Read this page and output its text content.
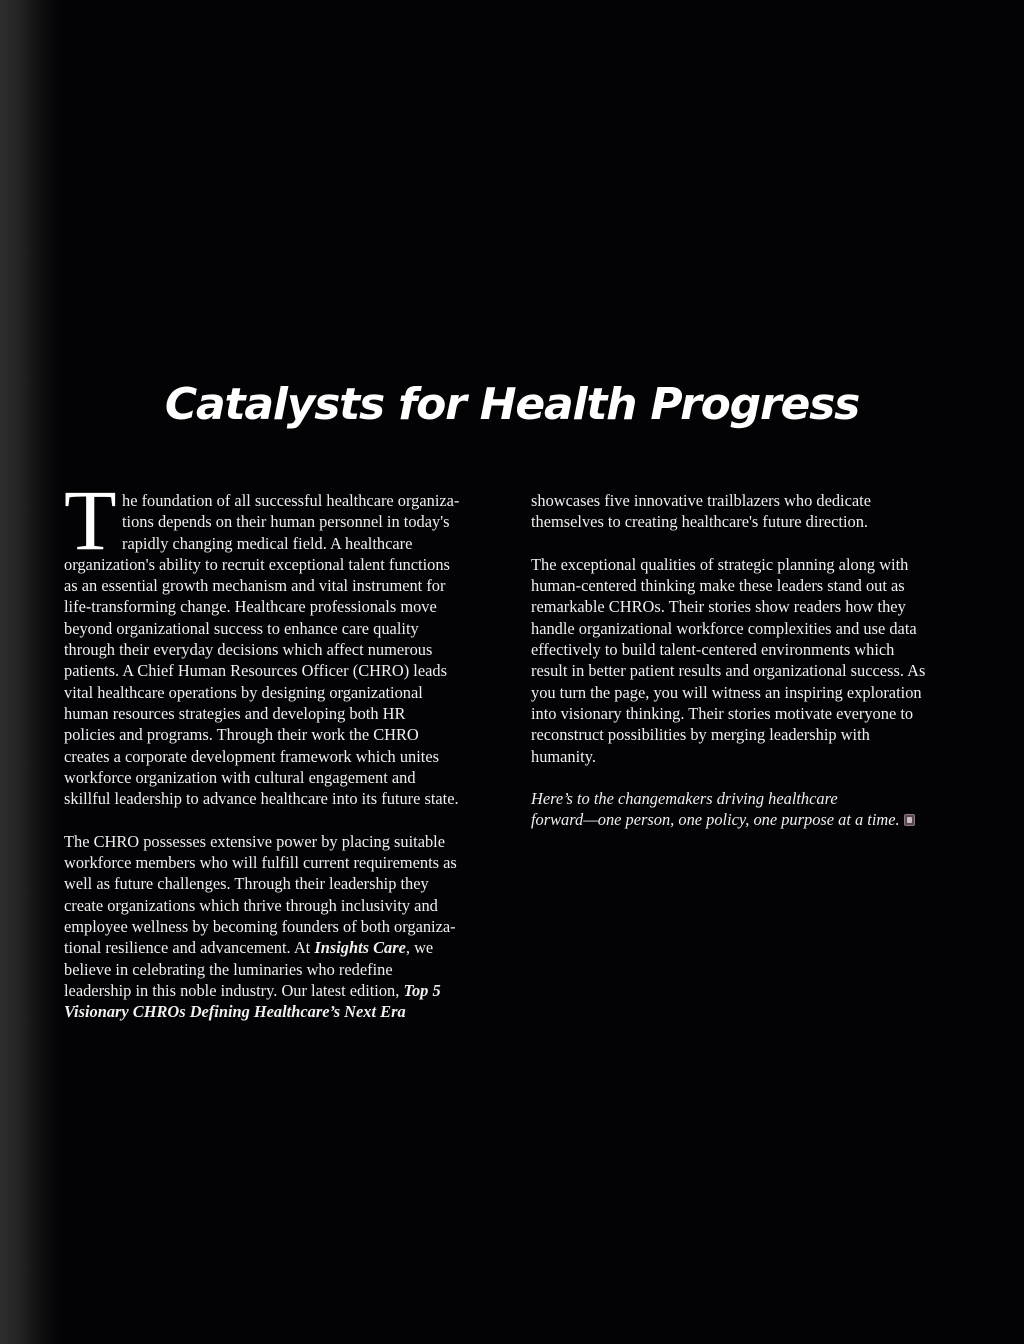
Catalysts for Health Progress
T he foundation of all successful healthcare organiza-
tions depends on their human personnel in today's
rapidly changing medical field. A healthcare
organization's ability to recruit exceptional talent functions
as an essential growth mechanism and vital instrument for
life-transforming change. Healthcare professionals move
beyond organizational success to enhance care quality
through their everyday decisions which affect numerous
patients. A Chief Human Resources Officer (CHRO) leads
vital healthcare operations by designing organizational
human resources strategies and developing both HR
policies and programs. Through their work the CHRO
creates a corporate development framework which unites
workforce organization with cultural engagement and
skillful leadership to advance healthcare into its future state.
The CHRO possesses extensive power by placing suitable
workforce members who will fulfill current requirements as
well as future challenges. Through their leadership they
create organizations which thrive through inclusivity and
employee wellness by becoming founders of both organiza-
tional resilience and advancement. At Insights Care, we
believe in celebrating the luminaries who redefine
leadership in this noble industry. Our latest edition, Top 5
Visionary CHROs Defining Healthcare’s Next Era
showcases five innovative trailblazers who dedicate
themselves to creating healthcare's future direction.
The exceptional qualities of strategic planning along with
human-centered thinking make these leaders stand out as
remarkable CHROs. Their stories show readers how they
handle organizational workforce complexities and use data
effectively to build talent-centered environments which
result in better patient results and organizational success. As
you turn the page, you will witness an inspiring exploration
into visionary thinking. Their stories motivate everyone to
reconstruct possibilities by merging leadership with
humanity.
Here’s to the changemakers driving healthcare
forward—one person, one policy, one purpose at a time.
